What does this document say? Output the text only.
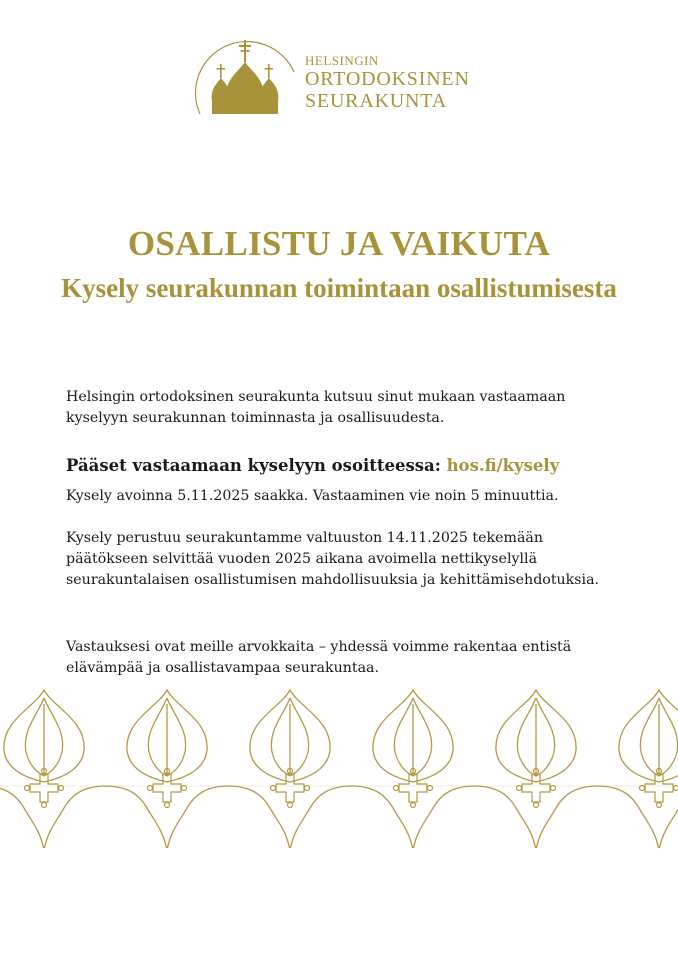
HELSINGIN
ORTODOKSINEN
SEURAKUNTA
OSALLISTU JA VAIKUTA
Kysely seurakunnan toimintaan osallistumisesta
Helsingin ortodoksinen seurakunta kutsuu sinut mukaan vastaamaan kyselyyn seurakunnan toiminnasta ja osallisuudesta.
Pääset vastaamaan kyselyyn osoitteessa: hos.fi/kysely
Kysely avoinna 5.11.2025 saakka. Vastaaminen vie noin 5 minuuttia.
Kysely perustuu seurakuntamme valtuuston 14.11.2025 tekemään päätökseen selvittää vuoden 2025 aikana avoimella nettikyselyllä seurakuntalaisen osallistumisen mahdollisuuksia ja kehittämisehdotuksia.
Vastauksesi ovat meille arvokkaita – yhdessä voimme rakentaa entistä elävämpää ja osallistavampaa seurakuntaa.
